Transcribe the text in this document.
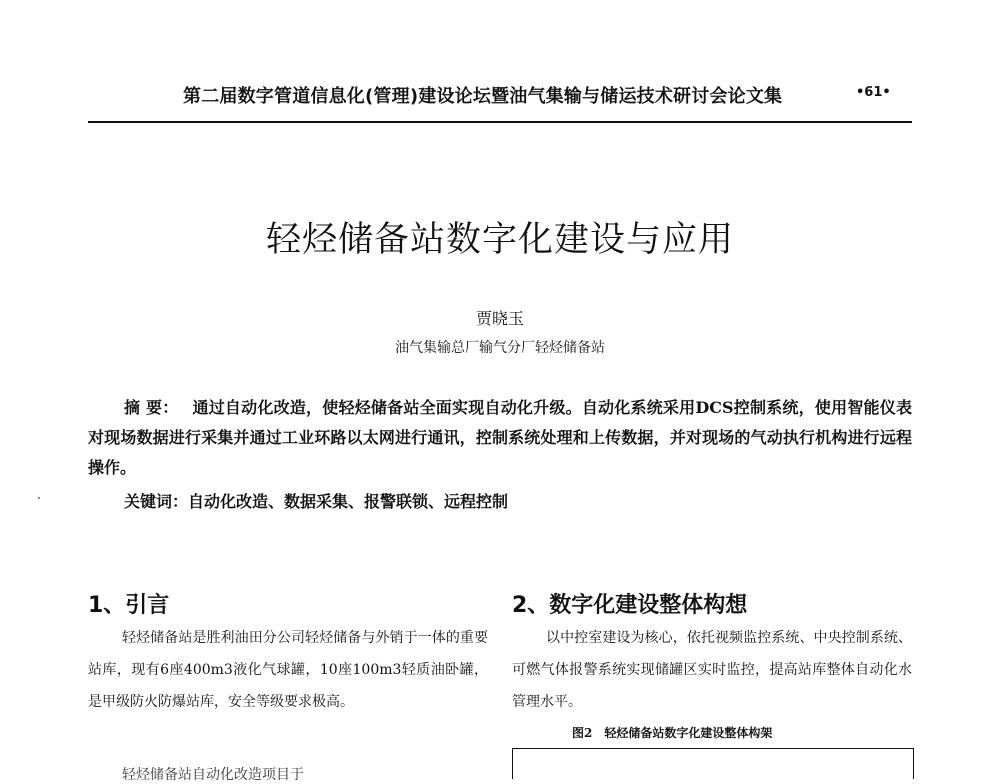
第二届数字管道信息化(管理)建设论坛暨油气集输与储运技术研讨会论文集	•61•
轻烃储备站数字化建设与应用
贾晓玉
油气集输总厂输气分厂轻烃储备站
摘 要： 通过自动化改造，使轻烃储备站全面实现自动化升级。自动化系统采用DCS控制系统，使用智能仪表对现场数据进行采集并通过工业环路以太网进行通讯，控制系统处理和上传数据，并对现场的气动执行机构进行远程操作。
关键词：自动化改造、数据采集、报警联锁、远程控制
1、引言
轻烃储备站是胜利油田分公司轻烃储备与外销于一体的重要站库，现有6座400m3液化气球罐，10座100m3轻质油卧罐，是甲级防火防爆站库，安全等级要求极高。
轻烃储备站自动化改造项目于
2、数字化建设整体构想
以中控室建设为核心，依托视频监控系统、中央控制系统、可燃气体报警系统实现储罐区实时监控，提高站库整体自动化水管理水平。
图2　轻烃储备站数字化建设整体构架
